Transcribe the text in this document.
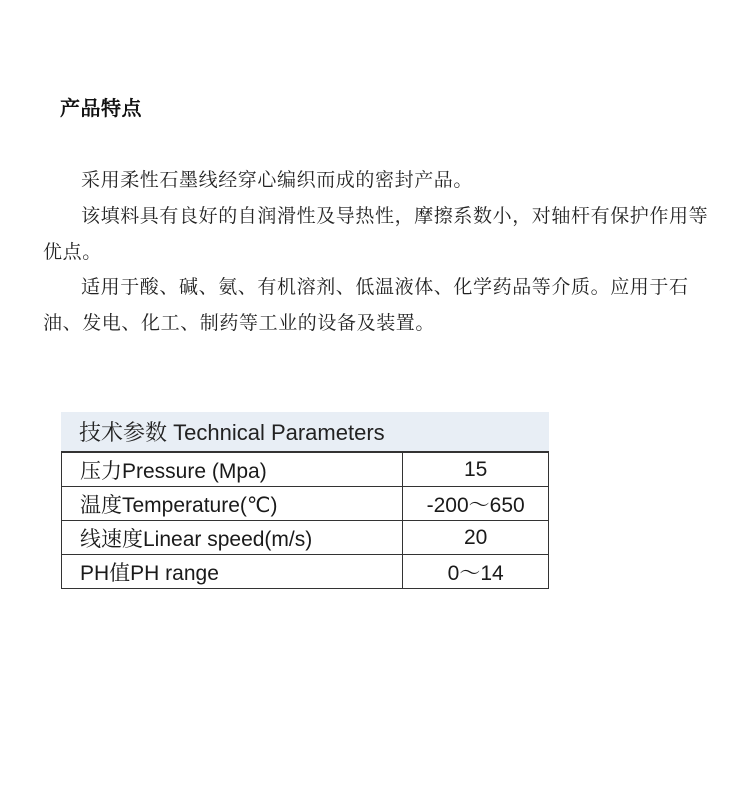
产品特点
采用柔性石墨线经穿心编织而成的密封产品。
该填料具有良好的自润滑性及导热性，摩擦系数小，对轴杆有保护作用等优点。
适用于酸、碱、氨、有机溶剂、低温液体、化学药品等介质。应用于石油、发电、化工、制药等工业的设备及装置。
技术参数 Technical Parameters
压力Pressure (Mpa)	15
温度Temperature(℃)	-200～650
线速度Linear speed(m/s)	20
PH值PH range	0～14
